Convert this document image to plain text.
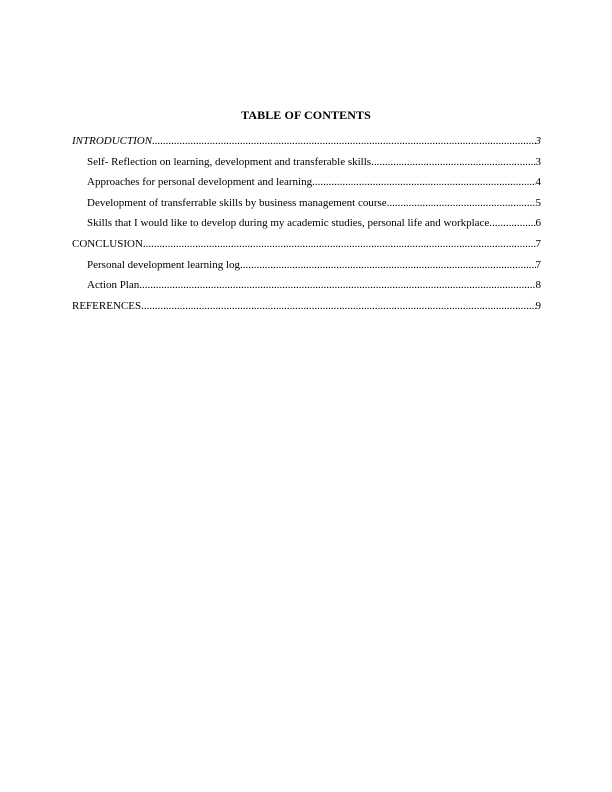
TABLE OF CONTENTS
INTRODUCTION .....	3
Self- Reflection on learning, development and transferable skills .....	3
Approaches for personal development and learning .....	4
Development of transferrable skills by business management course .....	5
Skills that I would like to develop during my academic studies, personal life and workplace. .....	6
CONCLUSION .....	7
Personal development learning log .....	7
Action Plan .....	8
REFERENCES .....	9
